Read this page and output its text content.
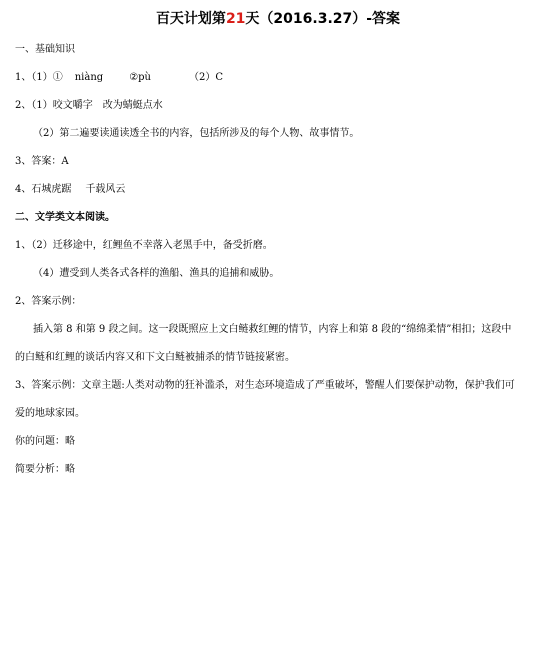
百天计划第21天（2016.3.27）-答案
一、基础知识
1、（1）① niàng	②pù	（2）C
2、（1）咬文嚼字　改为蜻蜓点水
（2）第二遍要读通读透全书的内容，包括所涉及的每个人物、故事情节。
3、答案：A
4、石城虎踞 千载风云
二、文学类文本阅读。
1、（2）迁移途中，红鲤鱼不幸落入老黑手中，备受折磨。
（4）遭受到人类各式各样的渔船、渔具的追捕和威胁。
2、答案示例：
插入第 8 和第 9 段之间。这一段既照应上文白鲢救红鲤的情节，内容上和第 8 段的“绵绵柔情”相扣；这段中
的白鲢和红鲤的谈话内容又和下文白鲢被捕杀的情节链接紧密。
3、答案示例：文章主题:人类对动物的狂补滥杀，对生态环境造成了严重破坏，警醒人们要保护动物，保护我们可
爱的地球家园。
你的问题：略
简要分析：略
